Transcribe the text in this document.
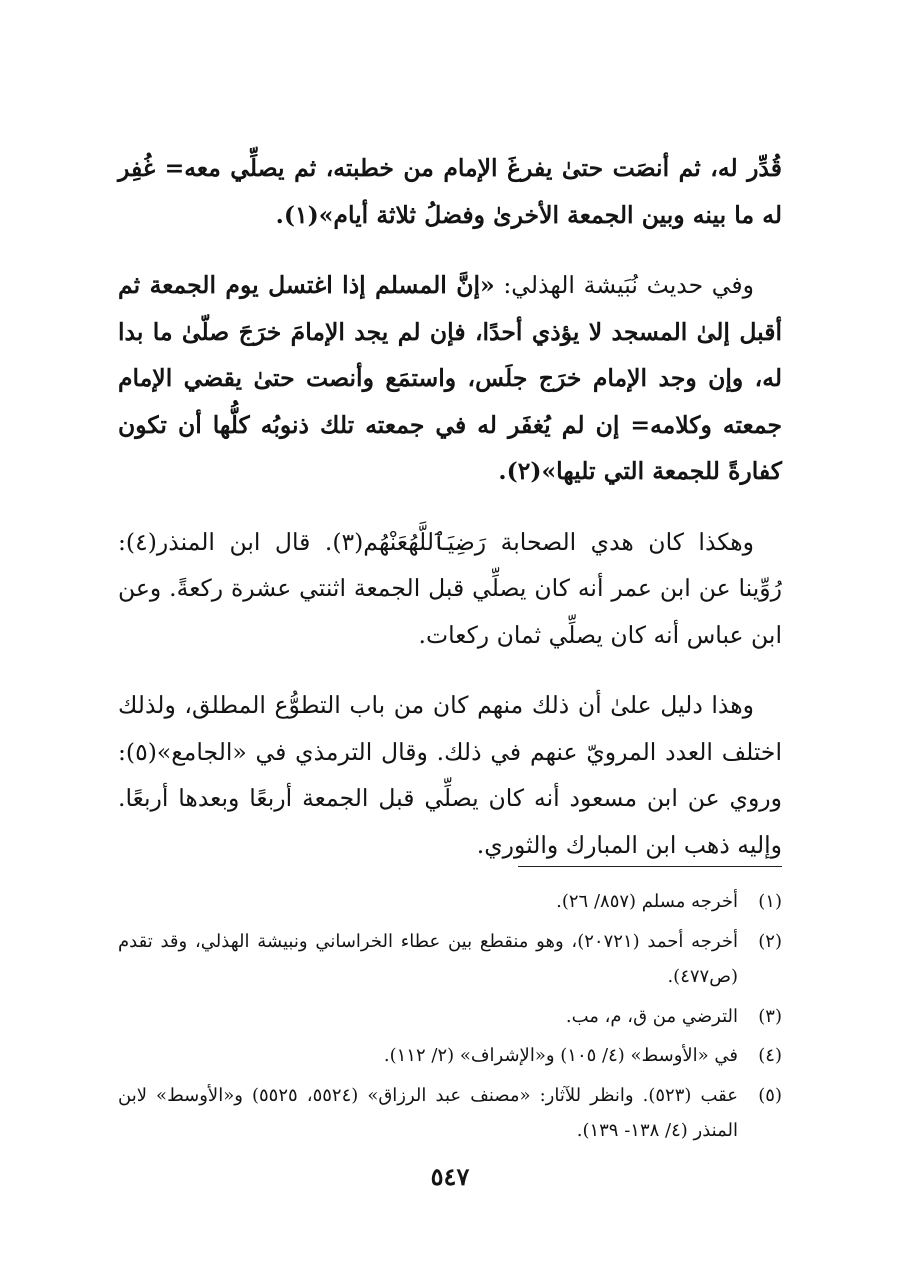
قُدِّر له، ثم أنصَت حتىٰ يفرغَ الإمام من خطبته، ثم يصلِّي معه= غُفِر له ما بينه وبين الجمعة الأخرىٰ وفضلُ ثلاثة أيام»(١).

وفي حديث نُبَيشة الهذلي: «إنَّ المسلم إذا اغتسل يوم الجمعة ثم أقبل إلىٰ المسجد لا يؤذي أحدًا، فإن لم يجد الإمامَ خرَجَ صلّىٰ ما بدا له، وإن وجد الإمام خرَج جلَس، واستمَع وأنصت حتىٰ يقضي الإمام جمعته وكلامه= إن لم يُغفَر له في جمعته تلك ذنوبُه كلُّها أن تكون كفارةً للجمعة التي تليها»(٢).

وهكذا كان هدي الصحابة رَضِيَٱللَّهُعَنْهُم(٣). قال ابن المنذر(٤): رُوِّينا عن ابن عمر أنه كان يصلِّي قبل الجمعة اثنتي عشرة ركعةً. وعن ابن عباس أنه كان يصلِّي ثمان ركعات.

وهذا دليل علىٰ أن ذلك منهم كان من باب التطوُّع المطلق، ولذلك اختلف العدد المرويّ عنهم في ذلك. وقال الترمذي في «الجامع»(٥): وروي عن ابن مسعود أنه كان يصلِّي قبل الجمعة أربعًا وبعدها أربعًا. وإليه ذهب ابن المبارك والثوري.

(١)
أخرجه مسلم (٨٥٧/ ٢٦).
(٢)
أخرجه أحمد (٢٠٧٢١)، وهو منقطع بين عطاء الخراساني ونبيشة الهذلي، وقد تقدم (ص٤٧٧).
(٣)
الترضي من ق، م، مب.
(٤)
في «الأوسط» (٤/ ١٠٥) و«الإشراف» (٢/ ١١٢).
(٥)
عقب (٥٢٣). وانظر للآثار: «مصنف عبد الرزاق» (٥٥٢٤، ٥٥٢٥) و«الأوسط» لابن المنذر (٤/ ١٣٨- ١٣٩).
٥٤٧
